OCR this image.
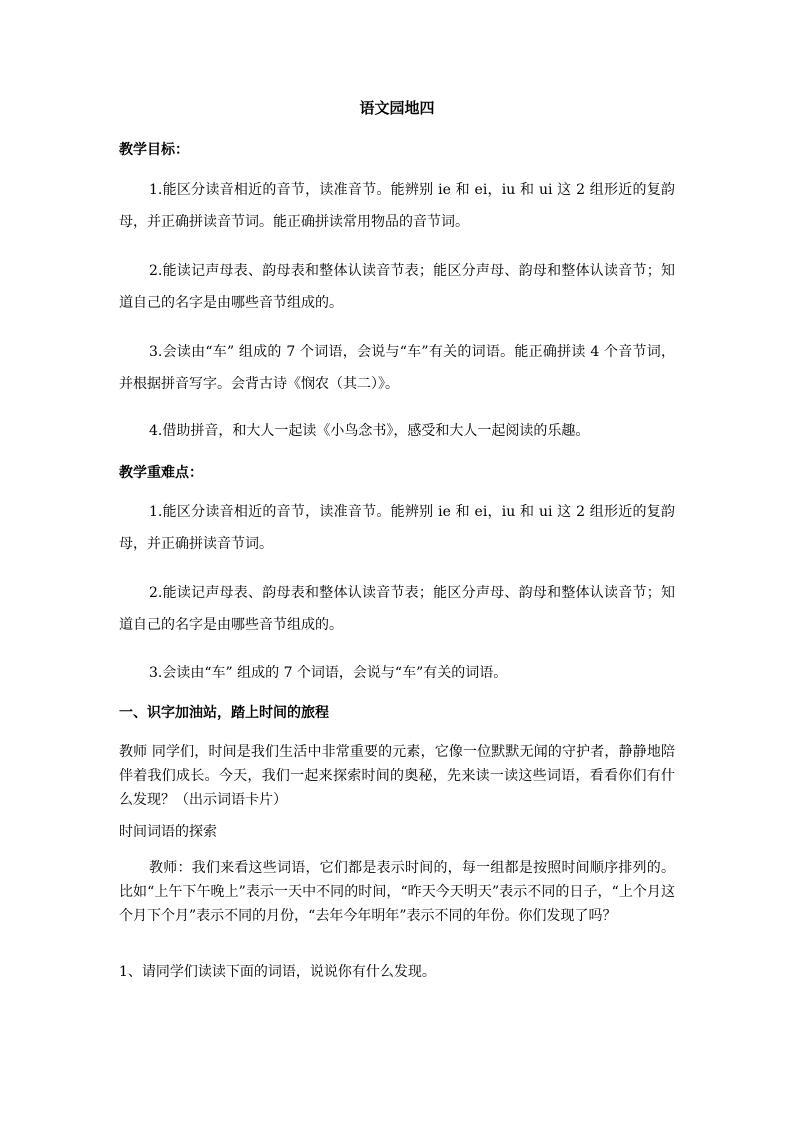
语文园地四
教学目标：
1.能区分读音相近的音节，读准音节。能辨别 ie 和 ei，iu 和 ui 这 2 组形近的复韵母，并正确拼读音节词。能正确拼读常用物品的音节词。
2.能读记声母表、韵母表和整体认读音节表；能区分声母、韵母和整体认读音节；知道自己的名字是由哪些音节组成的。
3.会读由“车” 组成的 7 个词语，会说与“车”有关的词语。能正确拼读 4 个音节词，并根据拼音写字。会背古诗《悯农（其二）》。
4.借助拼音，和大人一起读《小鸟念书》，感受和大人一起阅读的乐趣。
教学重难点：
1.能区分读音相近的音节，读准音节。能辨别 ie 和 ei，iu 和 ui 这 2 组形近的复韵母，并正确拼读音节词。
2.能读记声母表、韵母表和整体认读音节表；能区分声母、韵母和整体认读音节；知道自己的名字是由哪些音节组成的。
3.会读由“车” 组成的 7 个词语，会说与“车”有关的词语。
一、识字加油站，踏上时间的旅程
教师 同学们，时间是我们生活中非常重要的元素，它像一位默默无闻的守护者，静静地陪伴着我们成长。今天，我们一起来探索时间的奥秘，先来读一读这些词语，看看你们有什么发现？（出示词语卡片）
时间词语的探索
教师：我们来看这些词语，它们都是表示时间的，每一组都是按照时间顺序排列的。比如“上午下午晚上”表示一天中不同的时间，“昨天今天明天”表示不同的日子，“上个月这个月下个月”表示不同的月份，“去年今年明年”表示不同的年份。你们发现了吗？
1、请同学们读读下面的词语，说说你有什么发现。
